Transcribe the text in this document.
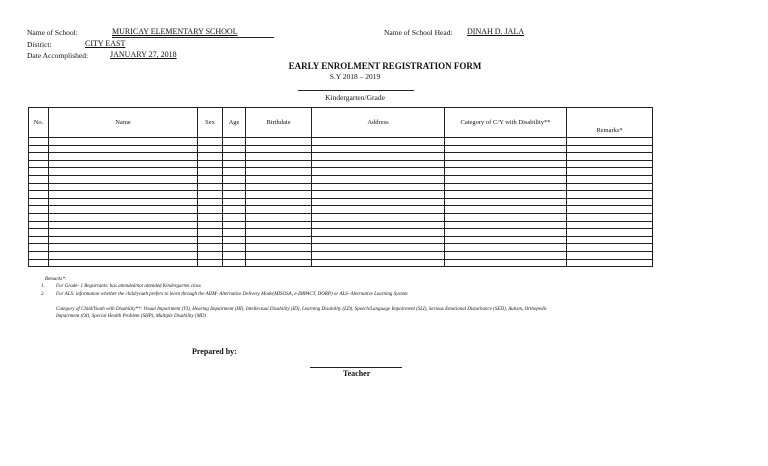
Name of School:	MURICAY ELEMENTARY SCHOOL	Name of School Head: DINAH D. JALA
District:	CITY EAST
Date Accomplished:	JANUARY 27, 2018
EARLY ENROLMENT REGISTRATION FORM
S.Y 2018 – 2019
Kindergarten/Grade
No.	Name	Sex	Age	Birthdate	Address	Category of C/Y with Disability**	Remarks*

Remarks*:
1. For Grade- 1 Registrants: has attended/not attended Kindergarten class
2. For ALS: information whether the child/youth prefers to learn through the ADM- Alternative Delivery Mode(MISOSA, e-IMPACT, DORP) or ALS- Alternative Learning System
Category of Child/Youth with Disability**: Visual Impairment (VI), Hearing Impairment (HI), Intellectual Disability (ID), Learning Disability (LD), Speech/Language Impairment (SLI), Serious Emotional Disturbance (SED), Autism, Orthopedic
Impairment (OI), Special Health Problem (SHP), Multiple Disability (MD)
Prepared by:
Teacher
